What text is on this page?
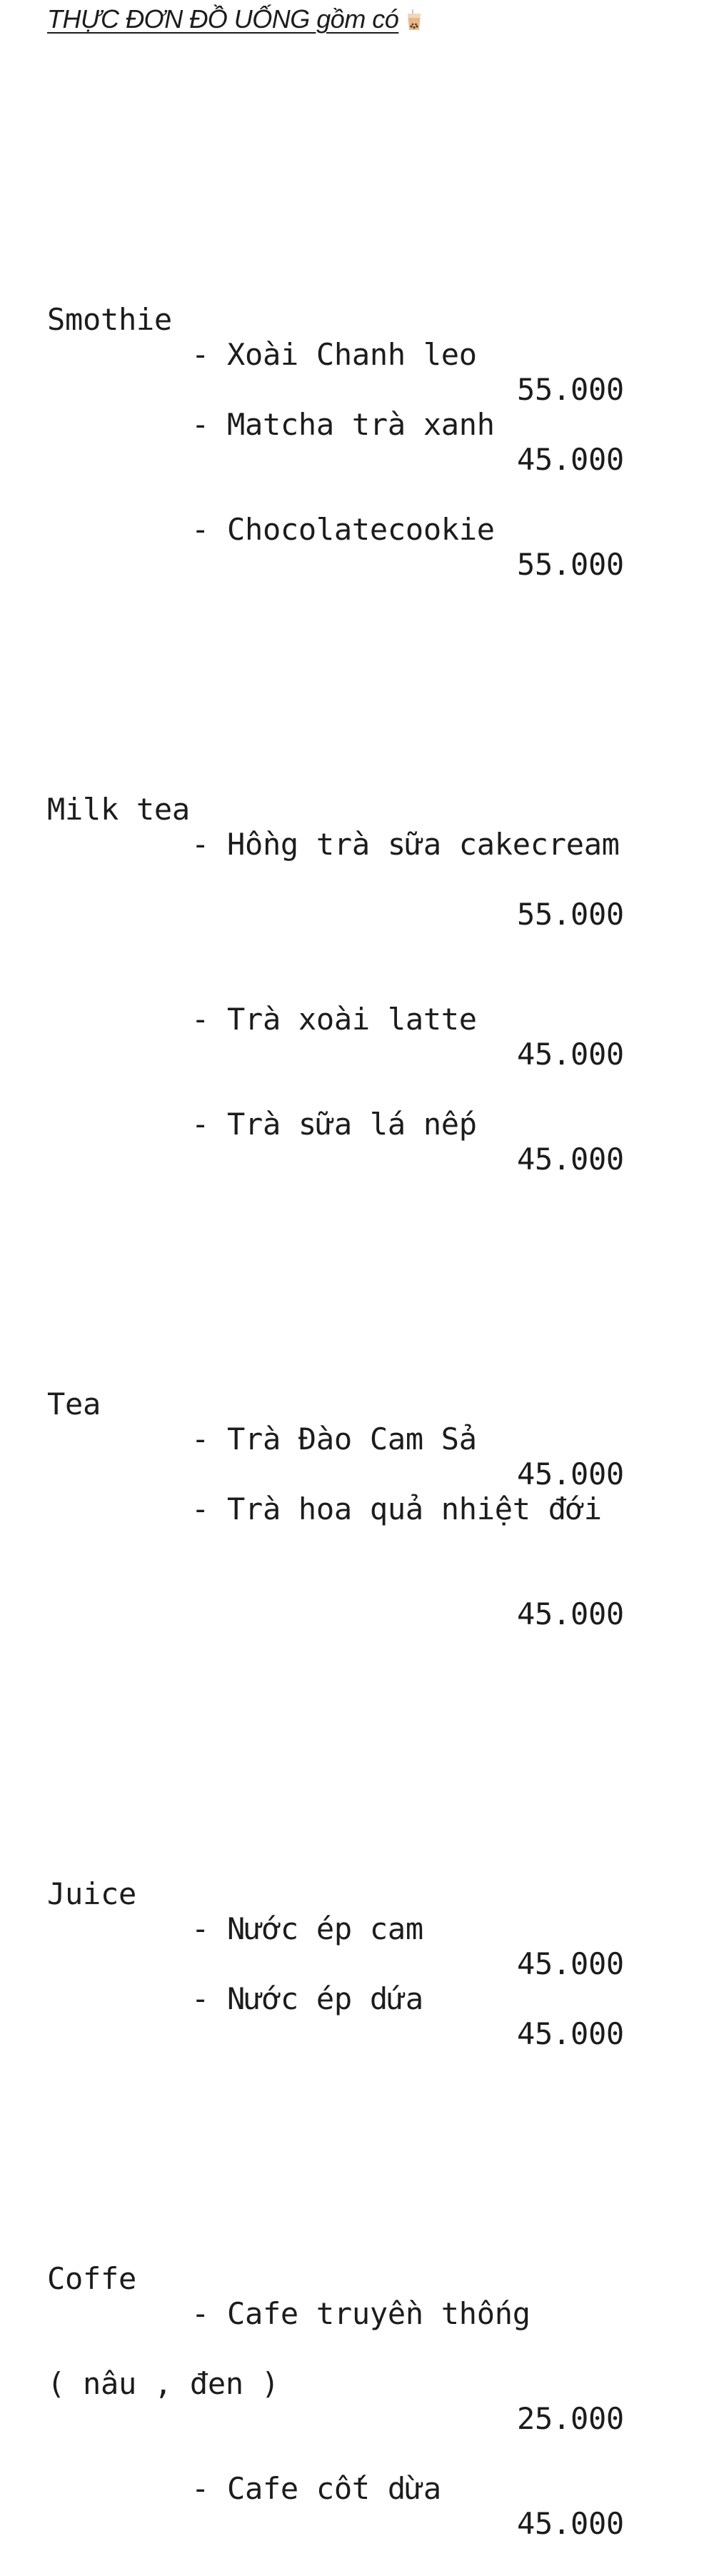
THỰC ĐƠN ĐỒ UỐNG gồm có

Smothie

- Xoài Chanh leo

55.000

- Matcha trà xanh

45.000

- Chocolatecookie

55.000

Milk tea

- Hồng trà sữa cakecream

55.000

- Trà xoài latte

45.000

- Trà sữa lá nếp

45.000

Tea

- Trà Đào Cam Sả

45.000

- Trà hoa quả nhiệt đới

45.000

Juice

- Nước ép cam

45.000

- Nước ép dứa

45.000

Coffe

- Cafe truyền thống

( nâu , đen )

25.000

- Cafe cốt dừa

45.000
